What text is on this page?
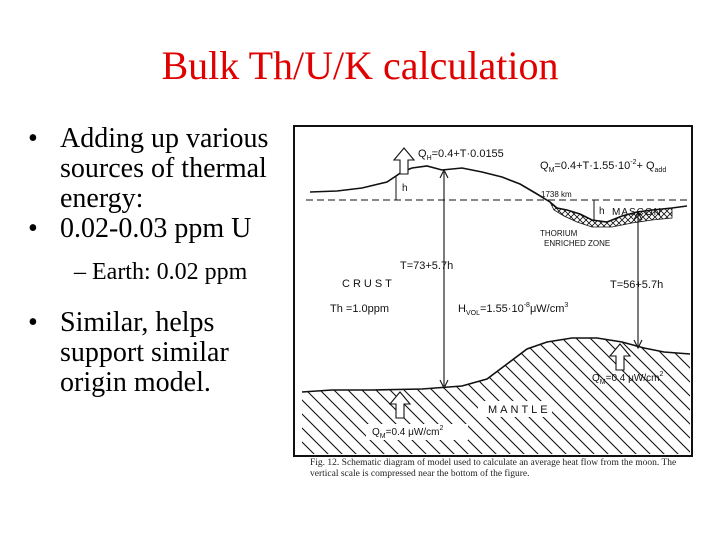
Bulk Th/U/K calculation
• Adding up various sources of thermal energy:
• 0.02-0.03 ppm U
– Earth: 0.02 ppm
• Similar, helps support similar origin model.
$Q_H=0.4+T\cdot 0.0155$
$Q_M=0.4+T\cdot 1.55\cdot 10^{-2}+ Q_{add}$
h
1738 km
h MASCON
THORIUM
ENRICHED ZONE
T=73+5.7h
T=56+5.7h
CRUST
Th =1.0ppm	$H_{VOL}=1.55\cdot 10^{-8}\mu W/cm^3$
$Q_M=0.4$ $\mu W/cm^2$
MANTLE
$Q_M=0.4$ $\mu W/cm^2$
Fig. 12. Schematic diagram of model used to calculate an average heat flow from the moon. The vertical scale is compressed near the bottom of the figure.
